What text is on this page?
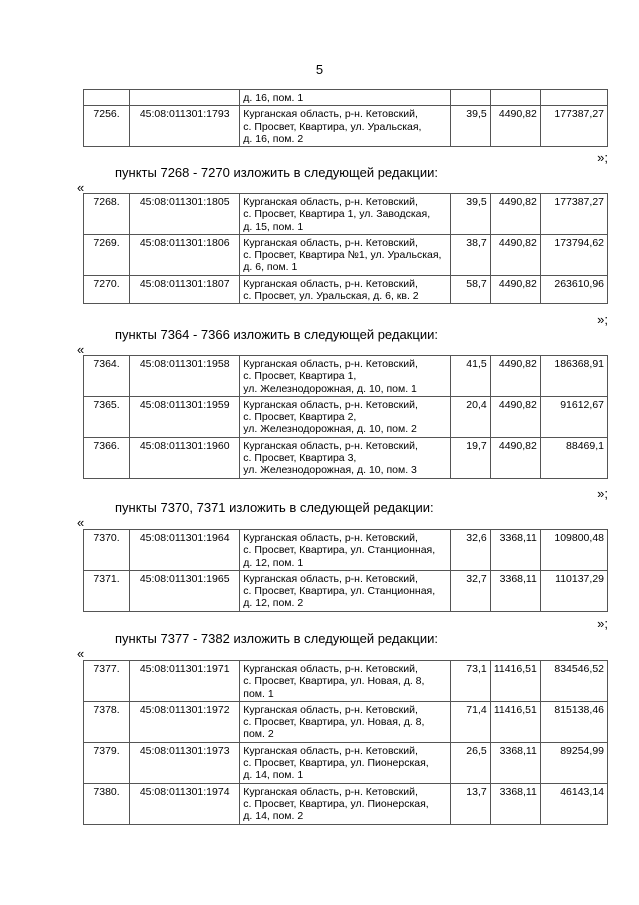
5

		д. 16, пом. 1			

7256.	45:08:011301:1793	Курганская область, р-н. Кетовский,
с. Просвет, Квартира, ул. Уральская,
д. 16, пом. 2	39,5	4490,82	177387,27
»;
пункты 7268 - 7270 изложить в следующей редакции:
«
7268.	45:08:011301:1805	Курганская область, р-н. Кетовский,
с. Просвет, Квартира 1, ул. Заводская,
д. 15, пом. 1	39,5	4490,82	177387,27
7269.	45:08:011301:1806	Курганская область, р-н. Кетовский,
с. Просвет, Квартира №1, ул. Уральская,
д. 6, пом. 1	38,7	4490,82	173794,62
7270.	45:08:011301:1807	Курганская область, р-н. Кетовский,
с. Просвет, ул. Уральская, д. 6, кв. 2	58,7	4490,82	263610,96
»;
пункты 7364 - 7366 изложить в следующей редакции:
«
7364.	45:08:011301:1958	Курганская область, р-н. Кетовский,
с. Просвет, Квартира 1,
ул. Железнодорожная, д. 10, пом. 1	41,5	4490,82	186368,91
7365.	45:08:011301:1959	Курганская область, р-н. Кетовский,
с. Просвет, Квартира 2,
ул. Железнодорожная, д. 10, пом. 2	20,4	4490,82	91612,67
7366.	45:08:011301:1960	Курганская область, р-н. Кетовский,
с. Просвет, Квартира 3,
ул. Железнодорожная, д. 10, пом. 3	19,7	4490,82	88469,1
»;
пункты 7370, 7371 изложить в следующей редакции:
«
7370.	45:08:011301:1964	Курганская область, р-н. Кетовский,
с. Просвет, Квартира, ул. Станционная,
д. 12, пом. 1	32,6	3368,11	109800,48
7371.	45:08:011301:1965	Курганская область, р-н. Кетовский,
с. Просвет, Квартира, ул. Станционная,
д. 12, пом. 2	32,7	3368,11	110137,29
»;
пункты 7377 - 7382 изложить в следующей редакции:
«
7377.	45:08:011301:1971	Курганская область, р-н. Кетовский,
с. Просвет, Квартира, ул. Новая, д. 8,
пом. 1	73,1	11416,51	834546,52
7378.	45:08:011301:1972	Курганская область, р-н. Кетовский,
с. Просвет, Квартира, ул. Новая, д. 8,
пом. 2	71,4	11416,51	815138,46
7379.	45:08:011301:1973	Курганская область, р-н. Кетовский,
с. Просвет, Квартира, ул. Пионерская,
д. 14, пом. 1	26,5	3368,11	89254,99
7380.	45:08:011301:1974	Курганская область, р-н. Кетовский,
с. Просвет, Квартира, ул. Пионерская,
д. 14, пом. 2	13,7	3368,11	46143,14
